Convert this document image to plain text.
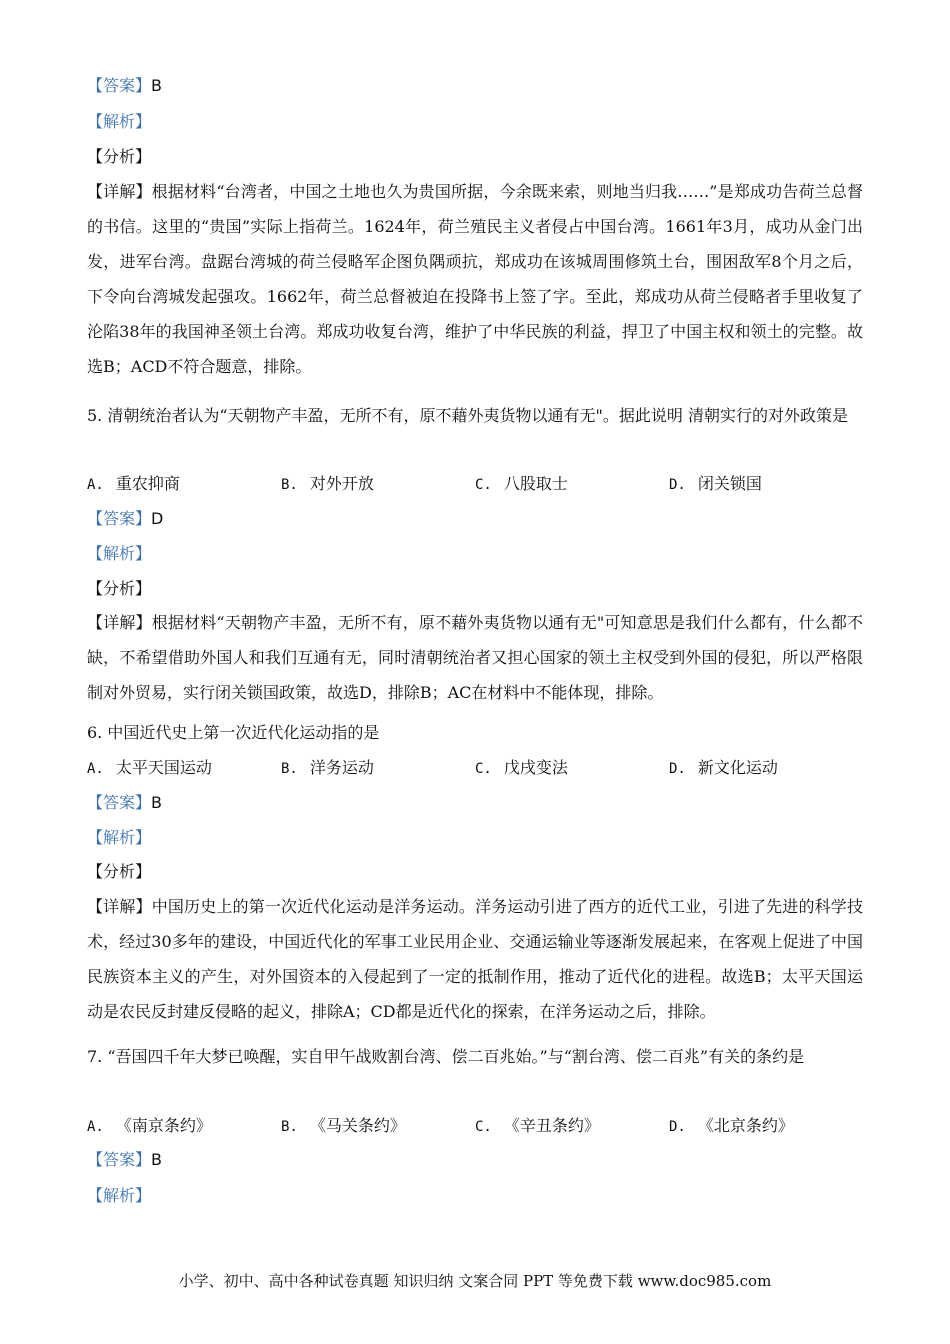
【答案】B
【解析】
【分析】
【详解】根据材料“台湾者，中国之土地也久为贵国所据，今余既来索，则地当归我……”是郑成功告荷兰总督的书信。这里的“贵国”实际上指荷兰。1624年，荷兰殖民主义者侵占中国台湾。1661年3月，成功从金门出发，进军台湾。盘踞台湾城的荷兰侵略军企图负隅顽抗，郑成功在该城周围修筑土台，围困敌军8个月之后，下令向台湾城发起强攻。1662年，荷兰总督被迫在投降书上签了字。至此，郑成功从荷兰侵略者手里收复了沦陷38年的我国神圣领土台湾。郑成功收复台湾，维护了中华民族的利益，捍卫了中国主权和领土的完整。故选B；ACD不符合题意，排除。
5. 清朝统治者认为“天朝物产丰盈，无所不有，原不藉外夷货物以通有无"。据此说明 清朝实行的对外政策是
A. 重农抑商	B. 对外开放	C. 八股取士	D. 闭关锁国
【答案】D
【解析】
【分析】
【详解】根据材料“天朝物产丰盈，无所不有，原不藉外夷货物以通有无"可知意思是我们什么都有，什么都不缺，不希望借助外国人和我们互通有无，同时清朝统治者又担心国家的领土主权受到外国的侵犯，所以严格限制对外贸易，实行闭关锁国政策，故选D，排除B；AC在材料中不能体现，排除。
6. 中国近代史上第一次近代化运动指的是
A. 太平天国运动	B. 洋务运动	C. 戊戌变法	D. 新文化运动
【答案】B
【解析】
【分析】
【详解】中国历史上的第一次近代化运动是洋务运动。洋务运动引进了西方的近代工业，引进了先进的科学技术，经过30多年的建设，中国近代化的军事工业民用企业、交通运输业等逐渐发展起来，在客观上促进了中国民族资本主义的产生，对外国资本的入侵起到了一定的抵制作用，推动了近代化的进程。故选B；太平天国运动是农民反封建反侵略的起义，排除A；CD都是近代化的探索，在洋务运动之后，排除。
7. “吾国四千年大梦已唤醒，实自甲午战败割台湾、偿二百兆始。”与“割台湾、偿二百兆”有关的条约是
A. 《南京条约》	B. 《马关条约》	C. 《辛丑条约》	D. 《北京条约》
【答案】B
【解析】
小学、初中、高中各种试卷真题 知识归纳 文案合同 PPT 等免费下载 www.doc985.com
